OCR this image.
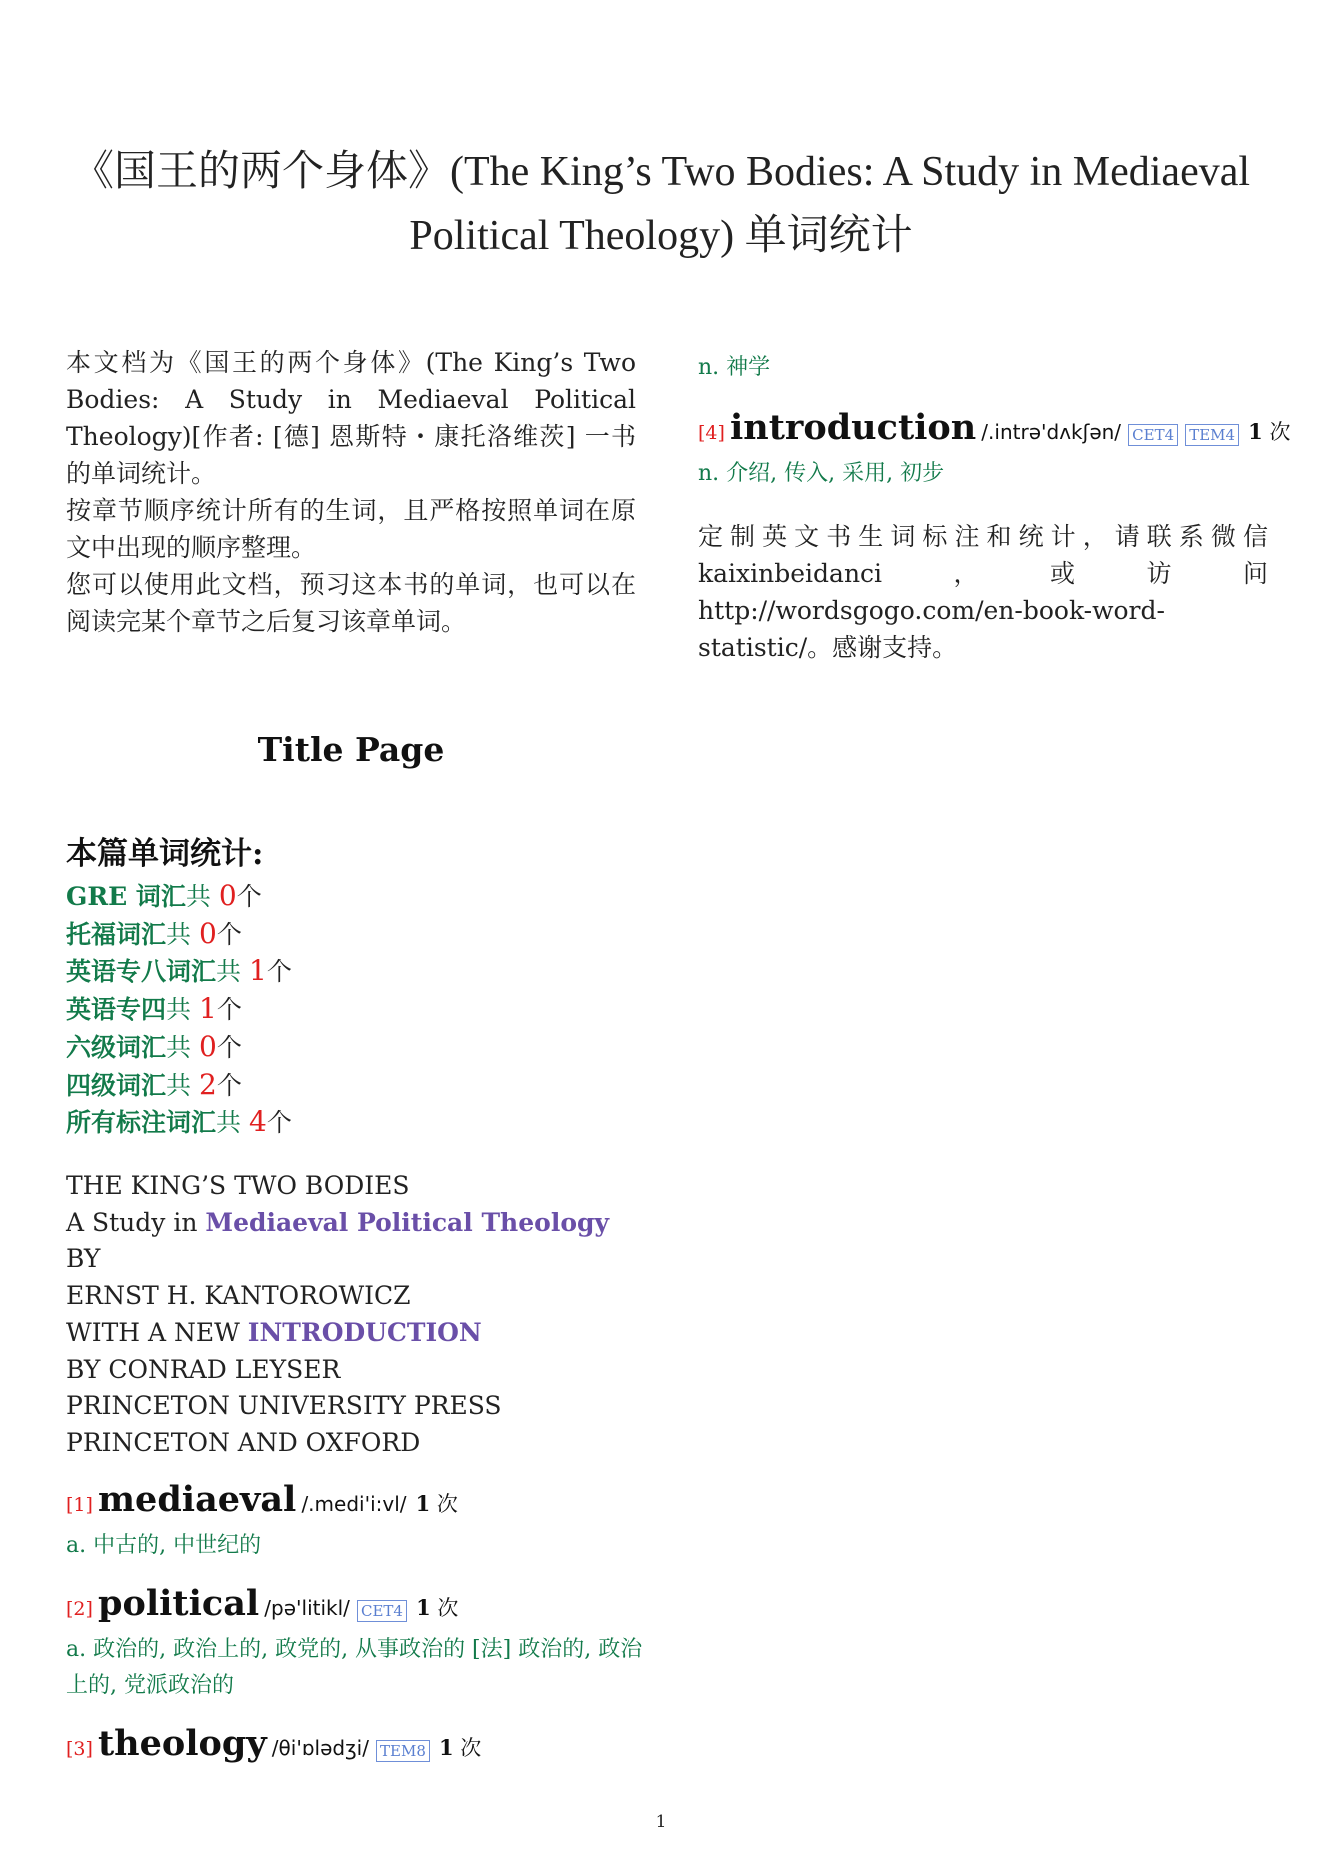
《国王的两个身体》(The King’s Two Bodies: A Study in Mediaeval
Political Theology) 单词统计

本文档为《国王的两个身体》(The King’s Two Bodies: A Study in Mediaeval Political Theology)[作者: [德] 恩斯特・康托洛维茨] 一书的单词统计。

按章节顺序统计所有的生词，且严格按照单词在原文中出现的顺序整理。

您可以使用此文档，预习这本书的单词，也可以在阅读完某个章节之后复习该章单词。

Title Page
本篇单词统计:
GRE 词汇共 0个
托福词汇共 0个
英语专八词汇共 1个
英语专四共 1个
六级词汇共 0个
四级词汇共 2个
所有标注词汇共 4个
THE KING’S TWO BODIES
A Study in Mediaeval Political Theology
BY
ERNST H. KANTOROWICZ
WITH A NEW INTRODUCTION
BY CONRAD LEYSER
PRINCETON UNIVERSITY PRESS
PRINCETON AND OXFORD
[1] mediaeval /.medi'i:vl/ 1 次
a. 中古的, 中世纪的
[2] political /pə'litikl/ CET4 1 次
a. 政治的, 政治上的, 政党的, 从事政治的 [法] 政治的, 政治上的, 党派政治的
[3] theology /θi'ɒlədʒi/ TEM8 1 次
n. 神学
[4] introduction /.intrə'dʌkʃən/ CET4 TEM4 1 次
n. 介绍, 传入, 采用, 初步
定制英文书生词标注和统计，请联系微信 kaixinbeidanci，或访问 http://wordsgogo.com/en-book-word-statistic/。感谢支持。
1
